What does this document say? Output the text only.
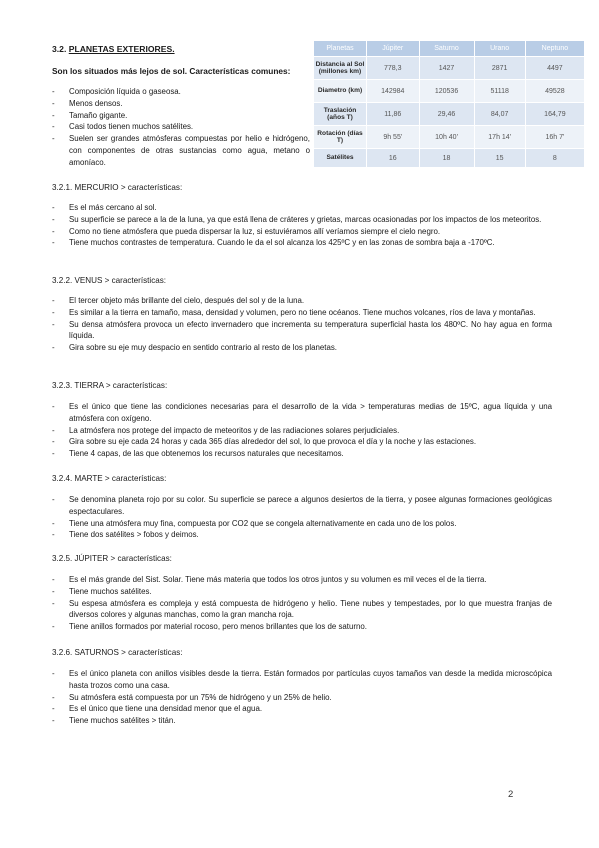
3.2. PLANETAS EXTERIORES.
Son los situados más lejos de sol. Características comunes:
- Composición líquida o gaseosa.
- Menos densos.
- Tamaño gigante.
- Casi todos tienen muchos satélites.
- Suelen ser grandes atmósferas compuestas por helio e hidrógeno, con componentes de otras sustancias como agua, metano o amoníaco.
Planetas	Júpiter	Saturno	Urano	Neptuno
Distancia al Sol (millones km)	778,3	1427	2871	4497
Diametro (km)	142984	120536	51118	49528
Traslación (años T)	11,86	29,46	84,07	164,79
Rotación (días T)	9h 55'	10h 40'	17h 14'	16h 7'
Satélites	16	18	15	8
3.2.1. MERCURIO > características:
- Es el más cercano al sol.
- Su superficie se parece a la de la luna, ya que está llena de cráteres y grietas, marcas ocasionadas por los impactos de los meteoritos.
- Como no tiene atmósfera que pueda dispersar la luz, si estuviéramos allí veríamos siempre el cielo negro.
- Tiene muchos contrastes de temperatura. Cuando le da el sol alcanza los 425ºC y en las zonas de sombra baja a -170ºC.
3.2.2. VENUS > características:
- El tercer objeto más brillante del cielo, después del sol y de la luna.
- Es similar a la tierra en tamaño, masa, densidad y volumen, pero no tiene océanos. Tiene muchos volcanes, ríos de lava y montañas.
- Su densa atmósfera provoca un efecto invernadero que incrementa su temperatura superficial hasta los 480ºC. No hay agua en forma líquida.
- Gira sobre su eje muy despacio en sentido contrario al resto de los planetas.
3.2.3. TIERRA > características:
- Es el único que tiene las condiciones necesarias para el desarrollo de la vida > temperaturas medias de 15ºC, agua líquida y una atmósfera con oxígeno.
- La atmósfera nos protege del impacto de meteoritos y de las radiaciones solares perjudiciales.
- Gira sobre su eje cada 24 horas y cada 365 días alrededor del sol, lo que provoca el día y la noche y las estaciones.
- Tiene 4 capas, de las que obtenemos los recursos naturales que necesitamos.
3.2.4. MARTE > características:
- Se denomina planeta rojo por su color. Su superficie se parece a algunos desiertos de la tierra, y posee algunas formaciones geológicas espectaculares.
- Tiene una atmósfera muy fina, compuesta por CO2 que se congela alternativamente en cada uno de los polos.
- Tiene dos satélites > fobos y deimos.
3.2.5. JÚPITER > características:
- Es el más grande del Sist. Solar. Tiene más materia que todos los otros juntos y su volumen es mil veces el de la tierra.
- Tiene muchos satélites.
- Su espesa atmósfera es compleja y está compuesta de hidrógeno y helio. Tiene nubes y tempestades, por lo que muestra franjas de diversos colores y algunas manchas, como la gran mancha roja.
- Tiene anillos formados por material rocoso, pero menos brillantes que los de saturno.
3.2.6. SATURNOS > características:
- Es el único planeta con anillos visibles desde la tierra. Están formados por partículas cuyos tamaños van desde la medida microscópica hasta trozos como una casa.
- Su atmósfera está compuesta por un 75% de hidrógeno y un 25% de helio.
- Es el único que tiene una densidad menor que el agua.
- Tiene muchos satélites > titán.
2
